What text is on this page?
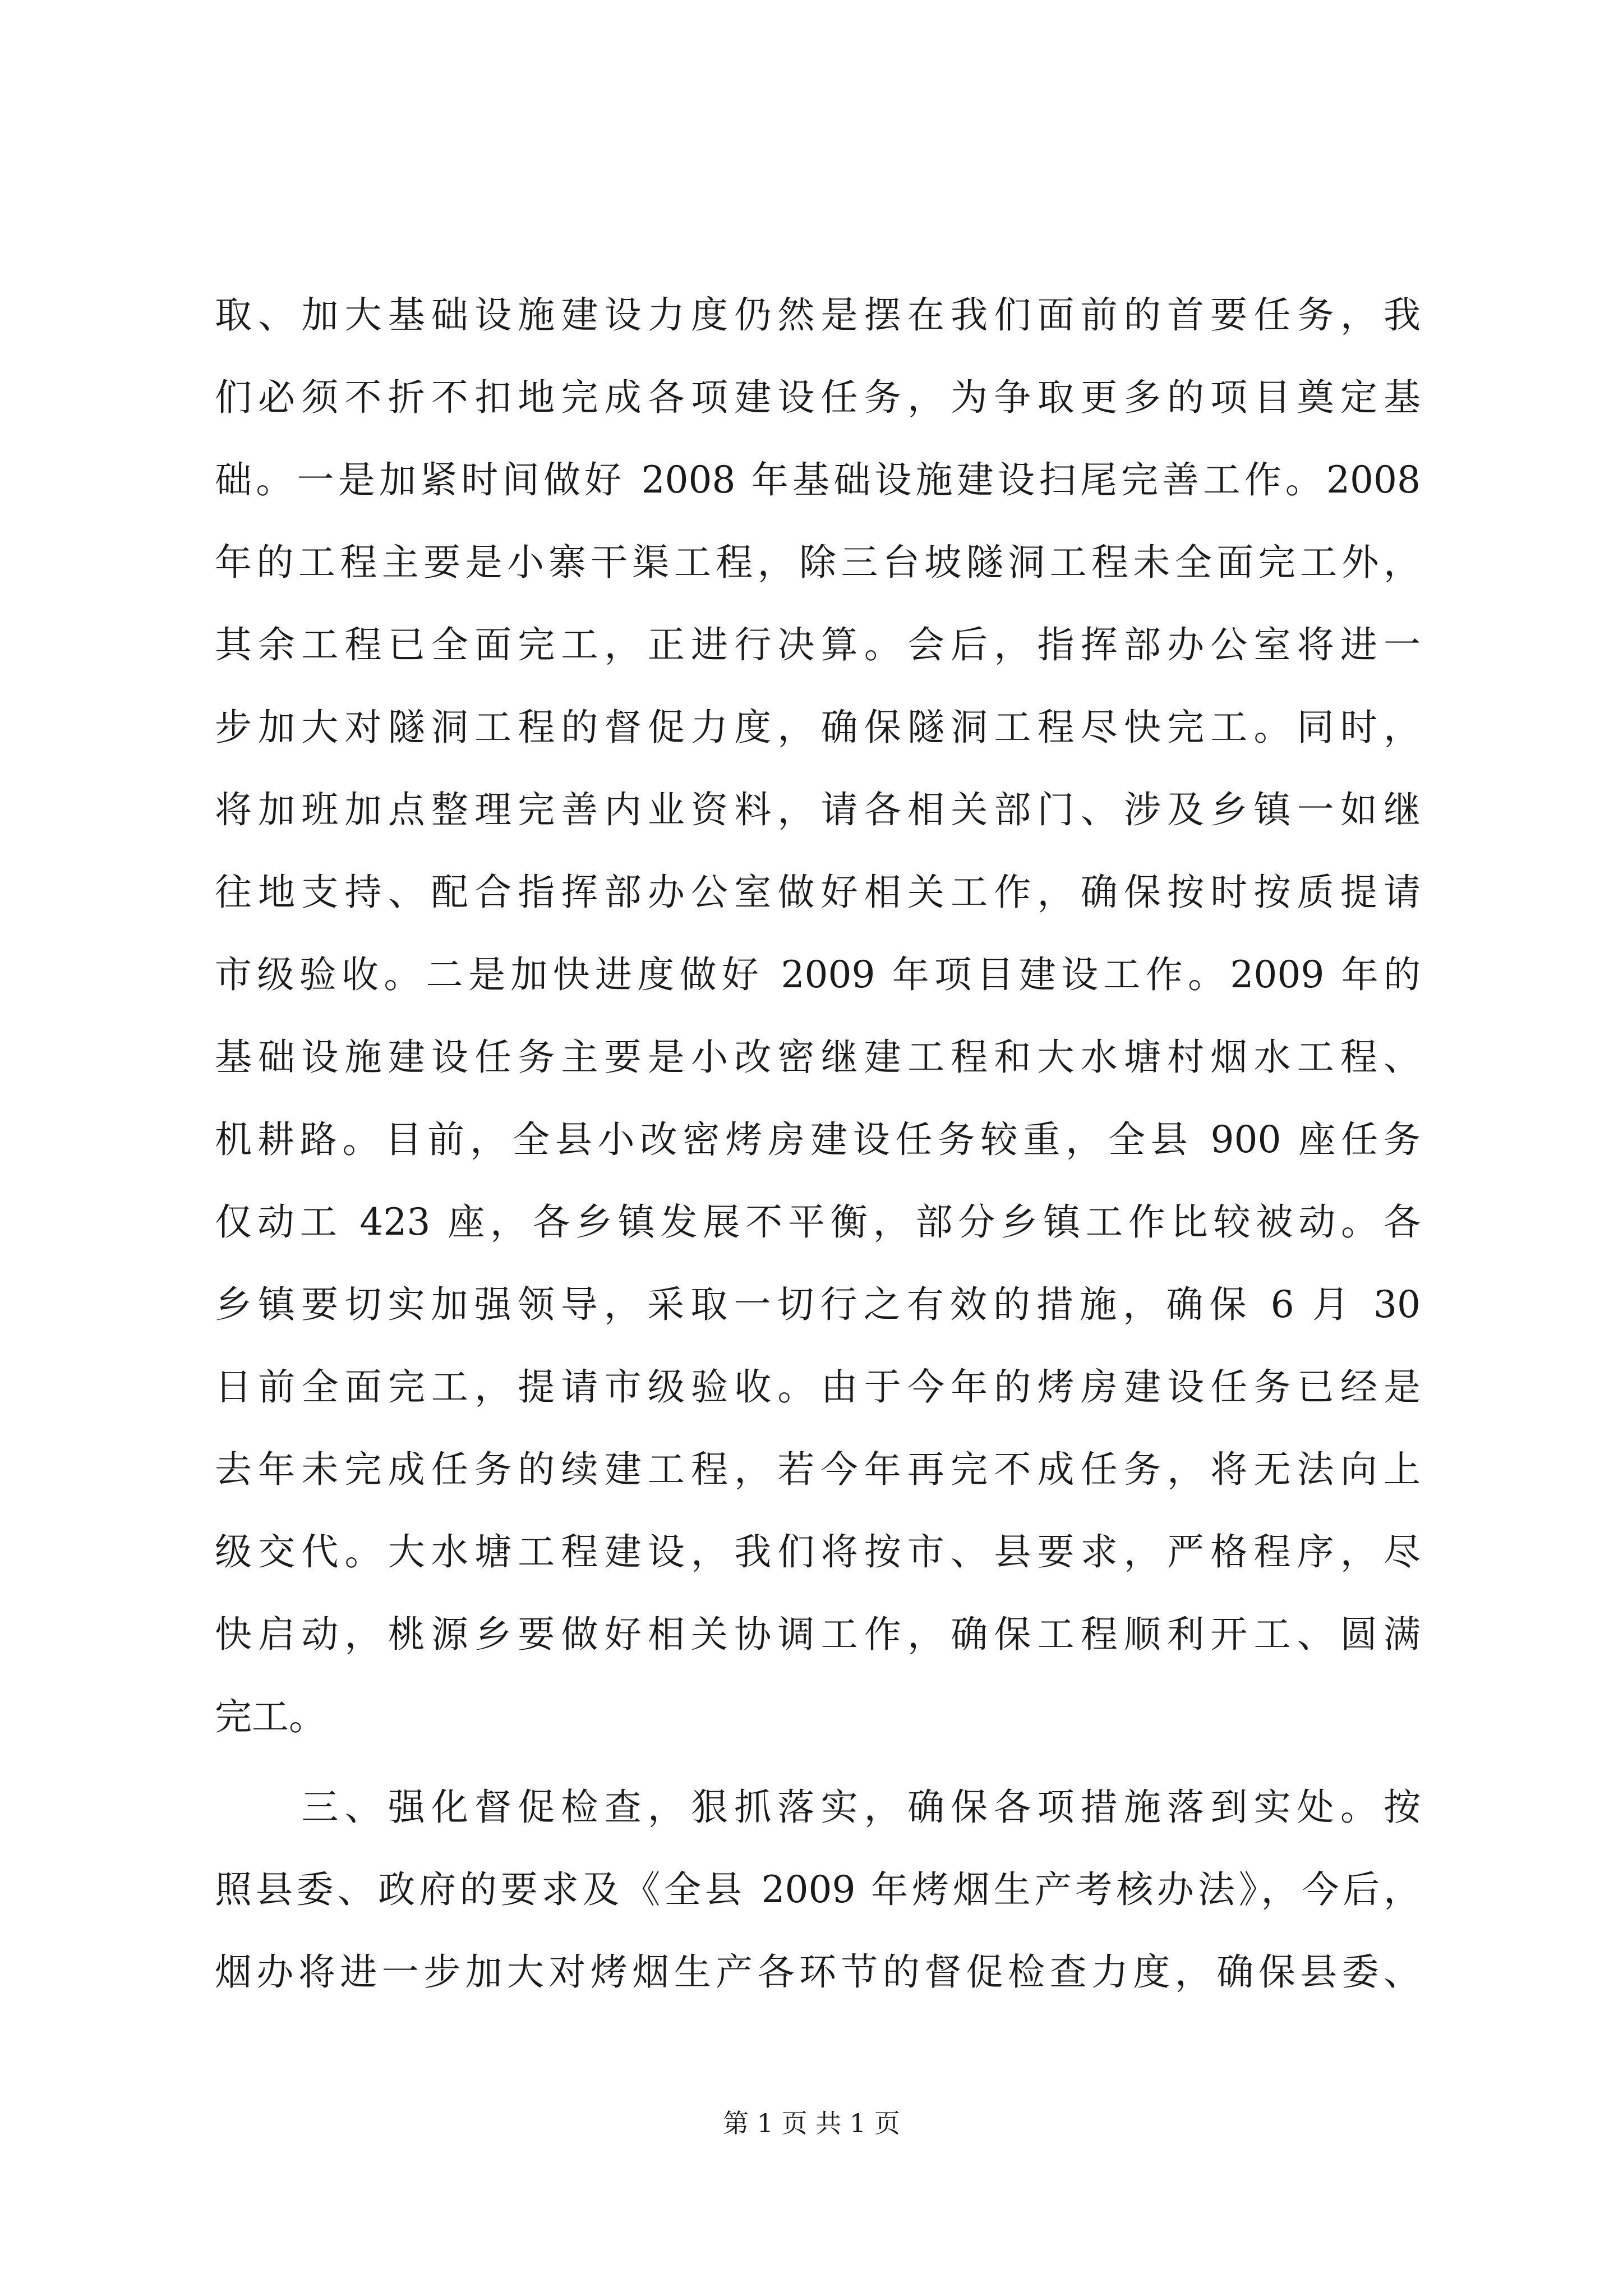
取、加大基础设施建设力度仍然是摆在我们面前的首要任务，我
们必须不折不扣地完成各项建设任务，为争取更多的项目奠定基
础。一是加紧时间做好 2008 年基础设施建设扫尾完善工作。2008
年的工程主要是小寨干渠工程，除三台坡隧洞工程未全面完工外，
其余工程已全面完工，正进行决算。会后，指挥部办公室将进一
步加大对隧洞工程的督促力度，确保隧洞工程尽快完工。同时，
将加班加点整理完善内业资料，请各相关部门、涉及乡镇一如继
往地支持、配合指挥部办公室做好相关工作，确保按时按质提请
市级验收。二是加快进度做好 2009 年项目建设工作。2009 年的
基础设施建设任务主要是小改密继建工程和大水塘村烟水工程、
机耕路。目前，全县小改密烤房建设任务较重，全县 900 座任务
仅动工 423 座，各乡镇发展不平衡，部分乡镇工作比较被动。各
乡镇要切实加强领导，采取一切行之有效的措施，确保 6 月 30
日前全面完工，提请市级验收。由于今年的烤房建设任务已经是
去年未完成任务的续建工程，若今年再完不成任务，将无法向上
级交代。大水塘工程建设，我们将按市、县要求，严格程序，尽
快启动，桃源乡要做好相关协调工作，确保工程顺利开工、圆满
完工。
　　三、强化督促检查，狠抓落实，确保各项措施落到实处。按
照县委、政府的要求及《全县 2009 年烤烟生产考核办法》，今后，
烟办将进一步加大对烤烟生产各环节的督促检查力度，确保县委、
第 1 页 共 1 页
